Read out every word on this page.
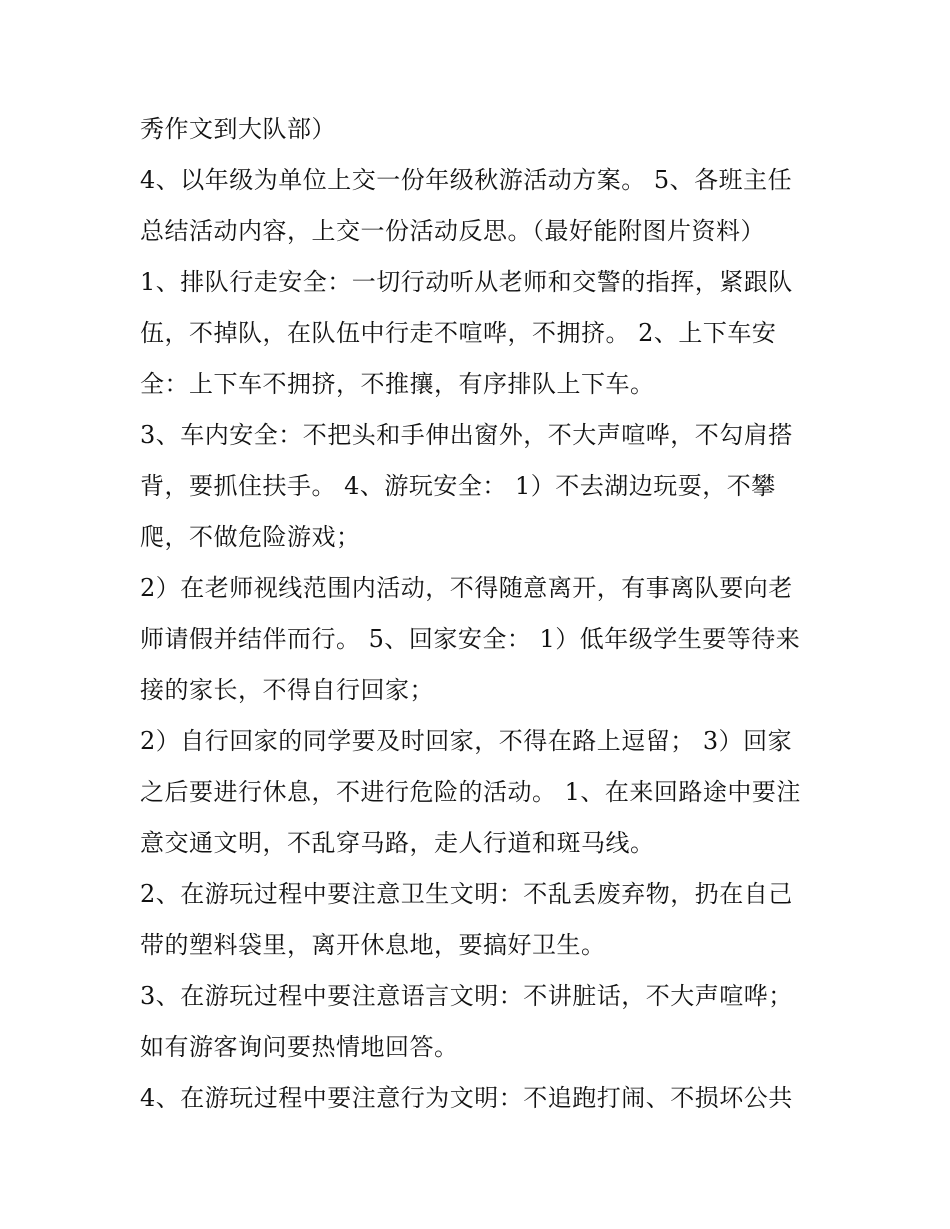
秀作文到大队部）
4、以年级为单位上交一份年级秋游活动方案。 5、各班主任
总结活动内容，上交一份活动反思。（最好能附图片资料）
1、排队行走安全：一切行动听从老师和交警的指挥，紧跟队
伍，不掉队，在队伍中行走不喧哗，不拥挤。 2、上下车安
全：上下车不拥挤，不推攘，有序排队上下车。
3、车内安全：不把头和手伸出窗外，不大声喧哗，不勾肩搭
背，要抓住扶手。 4、游玩安全： 1）不去湖边玩耍，不攀
爬，不做危险游戏；
2）在老师视线范围内活动，不得随意离开，有事离队要向老
师请假并结伴而行。 5、回家安全： 1）低年级学生要等待来
接的家长，不得自行回家；
2）自行回家的同学要及时回家，不得在路上逗留； 3）回家
之后要进行休息，不进行危险的活动。 1、在来回路途中要注
意交通文明，不乱穿马路，走人行道和斑马线。
2、在游玩过程中要注意卫生文明：不乱丢废弃物，扔在自己
带的塑料袋里，离开休息地，要搞好卫生。
3、在游玩过程中要注意语言文明：不讲脏话，不大声喧哗；
如有游客询问要热情地回答。
4、在游玩过程中要注意行为文明：不追跑打闹、不损坏公共
